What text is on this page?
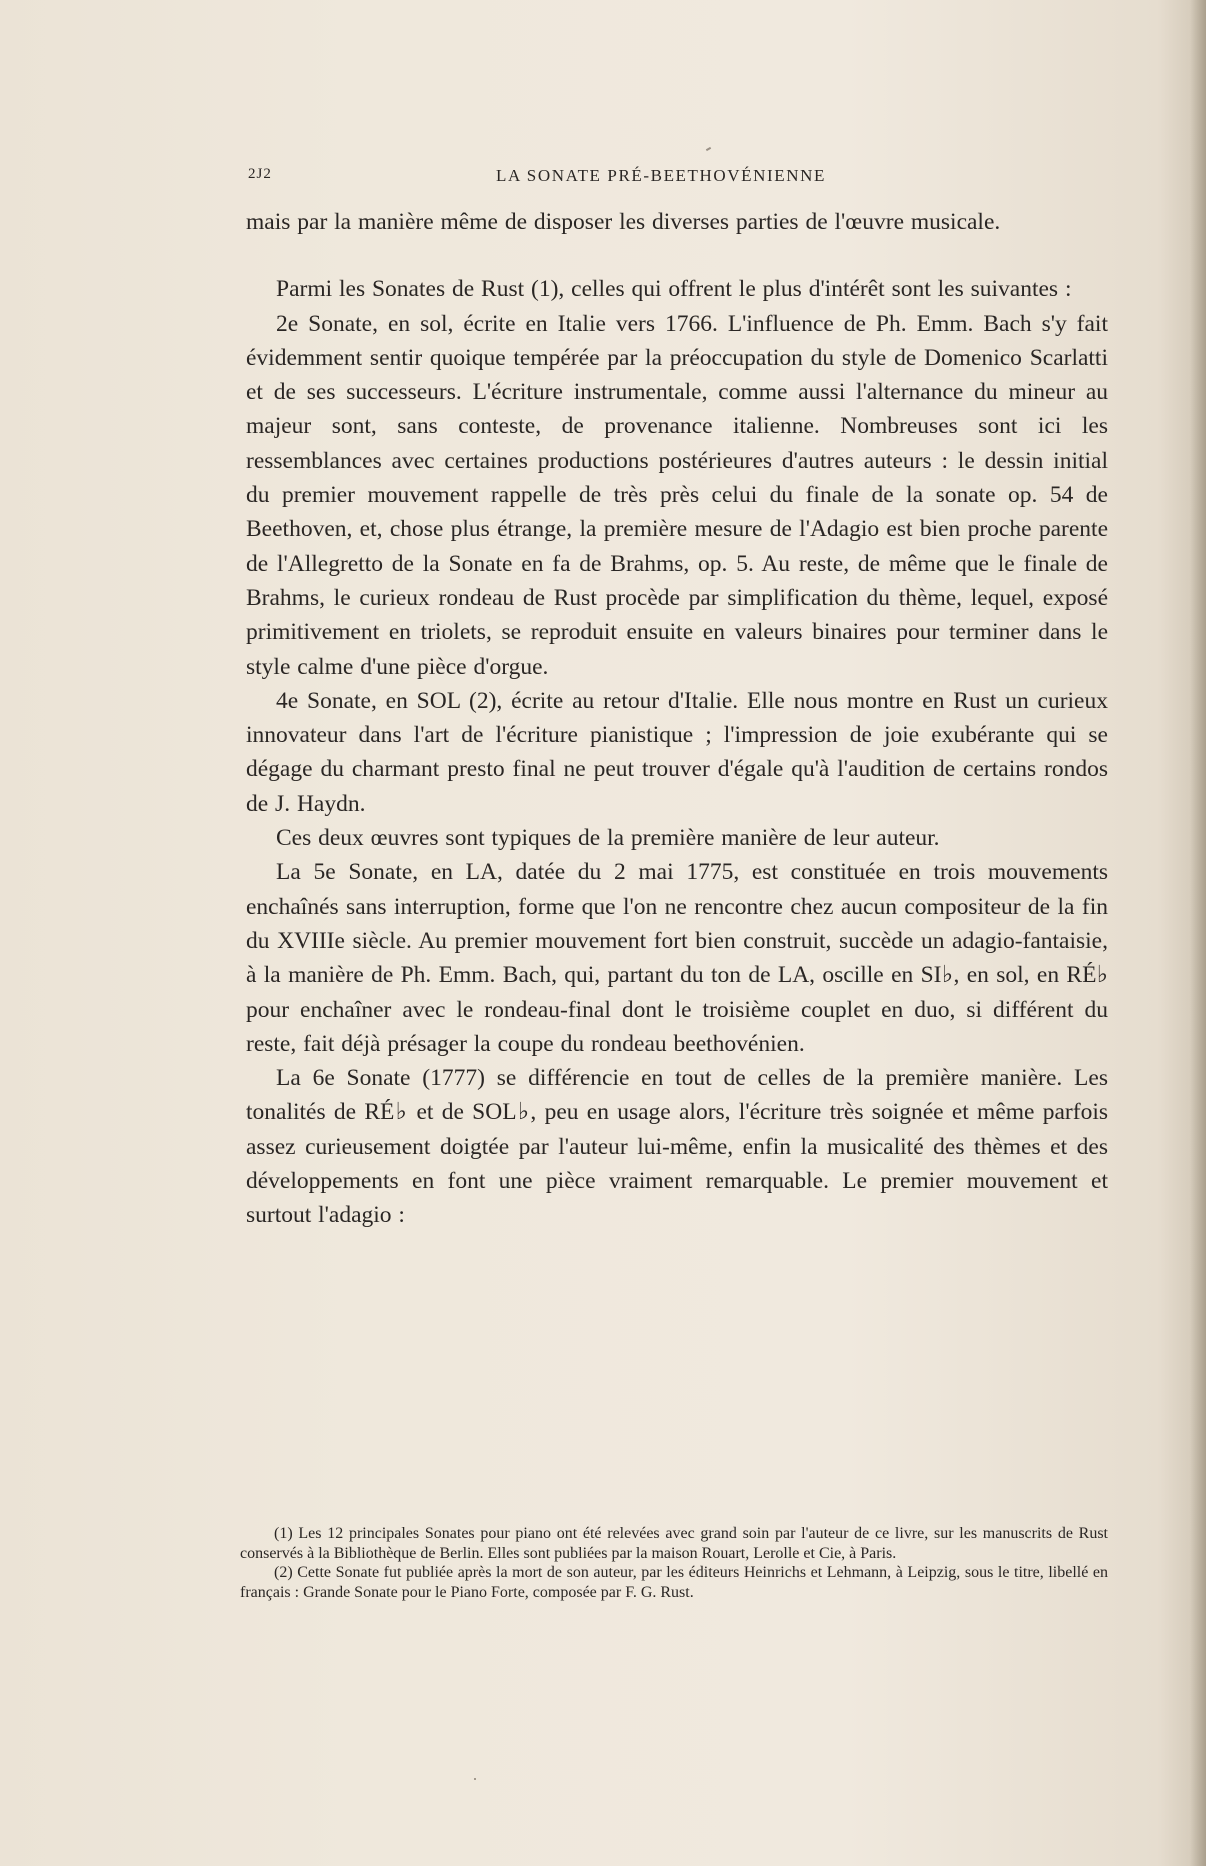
2J2	LA SONATE PRÉ-BEETHOVÉNIENNE

mais par la manière même de disposer les diverses parties de l'œuvre musicale.

Parmi les Sonates de Rust (1), celles qui offrent le plus d'intérêt sont les suivantes :

2e Sonate, en sol, écrite en Italie vers 1766. L'influence de Ph. Emm. Bach s'y fait évidemment sentir quoique tempérée par la préoccupation du style de Domenico Scarlatti et de ses successeurs. L'écriture instrumentale, comme aussi l'alternance du mineur au majeur sont, sans conteste, de provenance italienne. Nombreuses sont ici les ressemblances avec certaines productions postérieures d'autres auteurs : le dessin initial du premier mouvement rappelle de très près celui du finale de la sonate op. 54 de Beethoven, et, chose plus étrange, la première mesure de l'Adagio est bien proche parente de l'Allegretto de la Sonate en fa de Brahms, op. 5. Au reste, de même que le finale de Brahms, le curieux rondeau de Rust procède par simplification du thème, lequel, exposé primitivement en triolets, se reproduit ensuite en valeurs binaires pour terminer dans le style calme d'une pièce d'orgue.

4e Sonate, en SOL (2), écrite au retour d'Italie. Elle nous montre en Rust un curieux innovateur dans l'art de l'écriture pianistique ; l'impression de joie exubérante qui se dégage du charmant presto final ne peut trouver d'égale qu'à l'audition de certains rondos de J. Haydn.

Ces deux œuvres sont typiques de la première manière de leur auteur.

La 5e Sonate, en LA, datée du 2 mai 1775, est constituée en trois mouvements enchaînés sans interruption, forme que l'on ne rencontre chez aucun compositeur de la fin du XVIIIe siècle. Au premier mouvement fort bien construit, succède un adagio-fantaisie, à la manière de Ph. Emm. Bach, qui, partant du ton de LA, oscille en SI♭, en sol, en RÉ♭ pour enchaîner avec le rondeau-final dont le troisième couplet en duo, si différent du reste, fait déjà présager la coupe du rondeau beethovénien.

La 6e Sonate (1777) se différencie en tout de celles de la première manière. Les tonalités de RÉ♭ et de SOL♭, peu en usage alors, l'écriture très soignée et même parfois assez curieusement doigtée par l'auteur lui-même, enfin la musicalité des thèmes et des développements en font une pièce vraiment remarquable. Le premier mouvement et surtout l'adagio :

(1) Les 12 principales Sonates pour piano ont été relevées avec grand soin par l'auteur de ce livre, sur les manuscrits de Rust conservés à la Bibliothèque de Berlin. Elles sont publiées par la maison Rouart, Lerolle et Cie, à Paris.

(2) Cette Sonate fut publiée après la mort de son auteur, par les éditeurs Heinrichs et Lehmann, à Leipzig, sous le titre, libellé en français : Grande Sonate pour le Piano Forte, composée par F. G. Rust.
